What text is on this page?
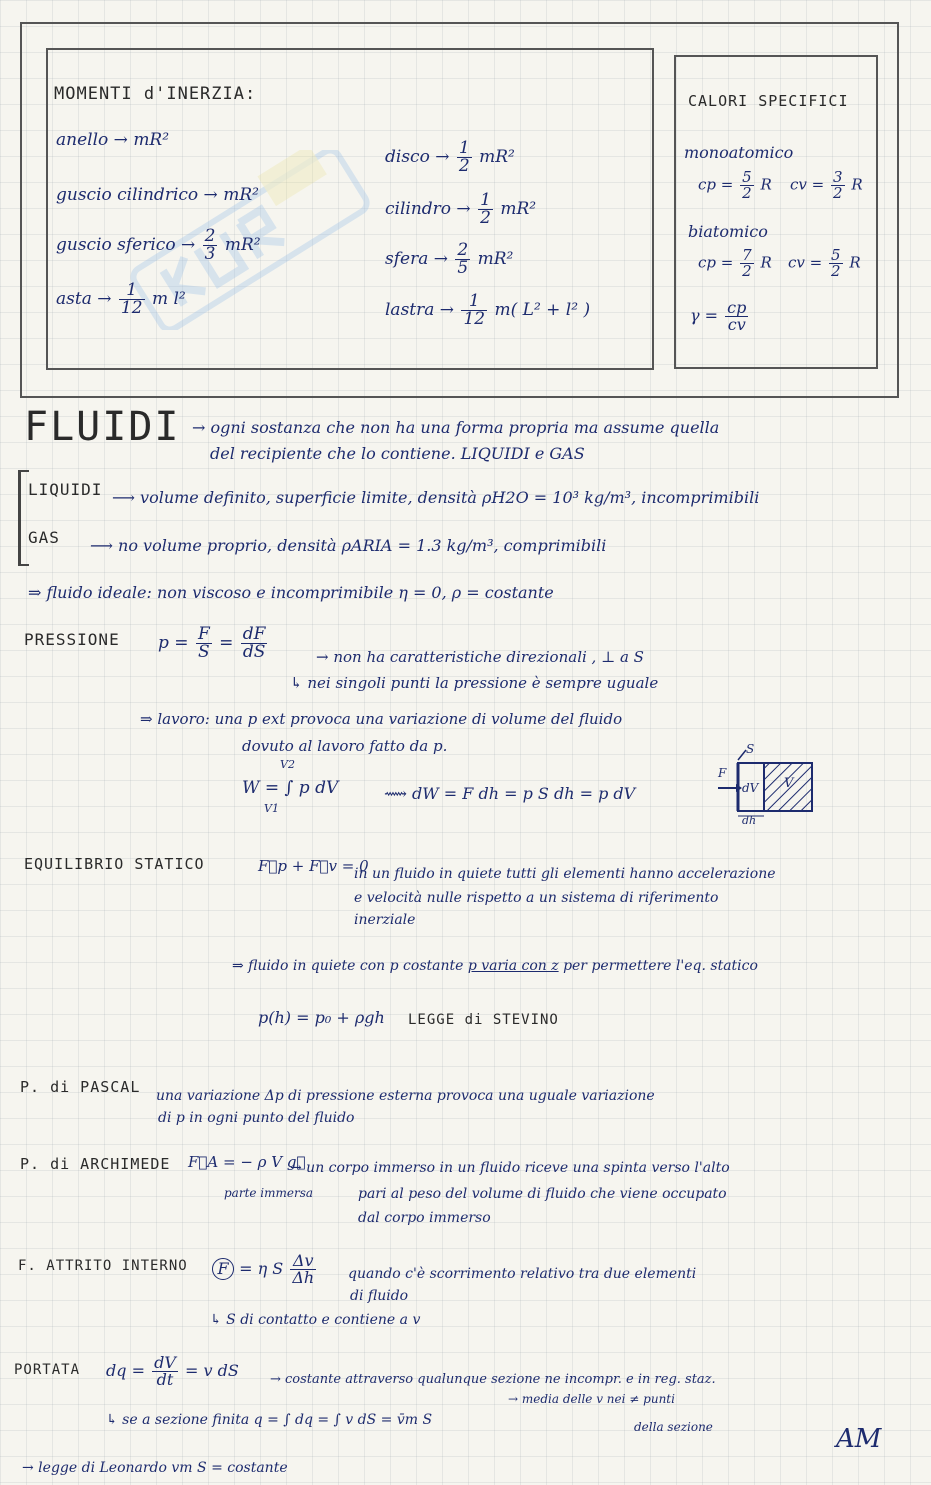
MOMENTI d'INERZIA:
anello → mR²
guscio cilindrico → mR²
guscio sferico → $\frac{2}{3} mR^2$
asta → $\frac{1}{12}$ m l²
disco → $\frac{1}{2} mR^2$
cilindro → $\frac{1}{2} mR^2$
sfera → $\frac{2}{5} mR^2$
lastra → $\frac{1}{12} m$( L² + l² )
CALORI SPECIFICI
monoatomico
cp = $\frac{5}{2}$ R cv = $\frac{3}{2}$ R
biatomico
cp = $\frac{7}{2}$ R cv = $\frac{5}{2}$ R
$\gamma = \frac{cp}{cv}$
FLUIDI → ogni sostanza che non ha una forma propria ma assume quella
del recipiente che lo contiene. LIQUIDI e GAS
LIQUIDI ⟶ volume definito, superficie limite, densità ρH2O = 10³ kg/m³, incomprimibili
GAS ⟶ no volume proprio, densità ρARIA = 1.3 kg/m³, comprimibili
⇒ fluido ideale: non viscoso e incomprimibile η = 0, ρ = costante
PRESSIONE $p = \frac{F}{S} = \frac{dF}{dS}$	→ non ha caratteristiche direzionali , ⊥ a S
↳ nei singoli punti la pressione è sempre uguale
⇒ lavoro: una p ext provoca una variazione di volume del fluido
dovuto al lavoro fatto da p.
W = ∫ p dV
V2
V1
⟿ dW = F dh = p S dh = p dV
S
F
dV V
dh
EQUILIBRIO STATICO	F⃗p + F⃗v = 0
in un fluido in quiete tutti gli elementi hanno accelerazione
e velocità nulle rispetto a un sistema di riferimento
inerziale
⇒ fluido in quiete con p costante p varia con z per permettere l'eq. statico
p(h) = p₀ + ρgh LEGGE di STEVINO
P. di PASCAL una variazione Δp di pressione esterna provoca una uguale variazione
di p in ogni punto del fluido
P. di ARCHIMEDE F⃗A = − ρ V g⃗
parte immersa
→ un corpo immerso in un fluido riceve una spinta verso l'alto
pari al peso del volume di fluido che viene occupato
dal corpo immerso
F. ATTRITO INTERNO	F = η S $\frac{\Delta v}{\Delta h}$ quando c'è scorrimento relativo tra due elementi
di fluido
↳ S di contatto e contiene a v
PORTATA dq = $\frac{dV}{dt} = v$ dS → costante attraverso qualunque sezione ne incompr. e in reg. staz.
→ media delle v nei ≠ punti
↳ se a sezione finita q = ∫ dq = ∫ v dS = v̄m S	della sezione	AM
→ legge di Leonardo vm S = costante
